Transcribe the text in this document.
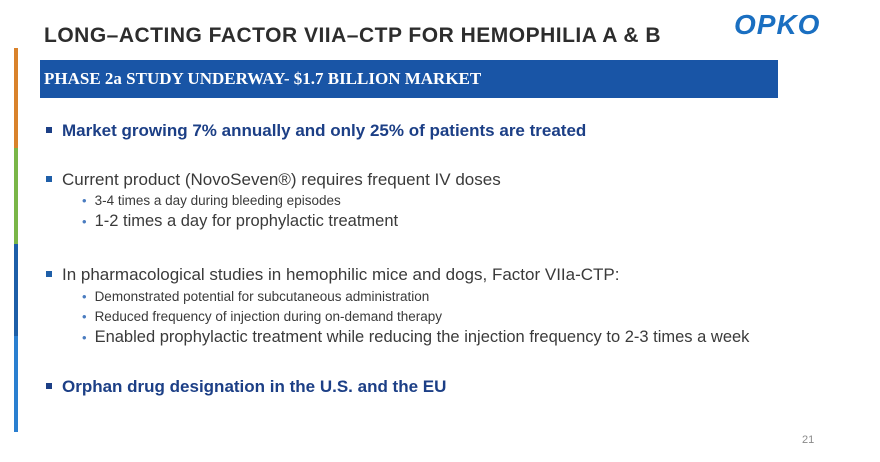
LONG–ACTING FACTOR VIIA–CTP FOR HEMOPHILIA A & B	OPKO
PHASE 2a STUDY UNDERWAY- $1.7 BILLION MARKET
Market growing 7% annually and only 25% of patients are treated
Current product (NovoSeven®) requires frequent IV doses
• 3-4 times a day during bleeding episodes
• 1-2 times a day for prophylactic treatment
In pharmacological studies in hemophilic mice and dogs, Factor VIIa-CTP:
• Demonstrated potential for subcutaneous administration
• Reduced frequency of injection during on-demand therapy
• Enabled prophylactic treatment while reducing the injection frequency to 2-3 times a week
Orphan drug designation in the U.S. and the EU
21
